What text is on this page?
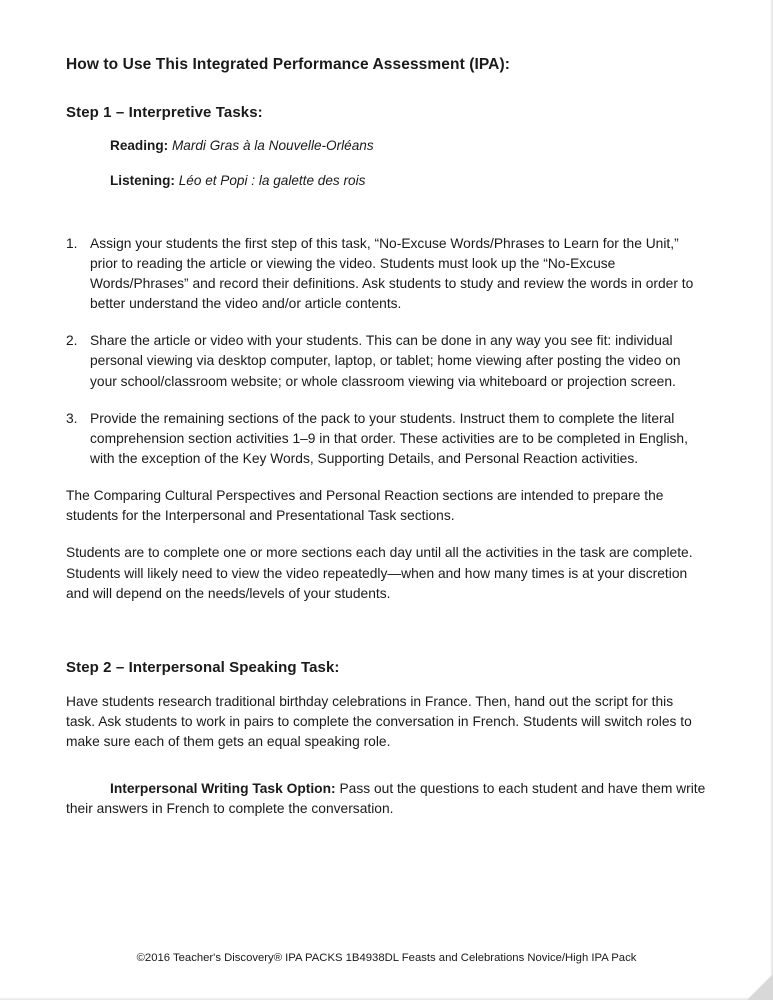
How to Use This Integrated Performance Assessment (IPA):
Step 1 – Interpretive Tasks:

Reading: Mardi Gras à la Nouvelle-Orléans

Listening: Léo et Popi : la galette des rois

1. Assign your students the first step of this task, “No-Excuse Words/Phrases to Learn for the Unit,” prior to reading the article or viewing the video. Students must look up the “No-Excuse Words/Phrases” and record their definitions. Ask students to study and review the words in order to better understand the video and/or article contents.
2. Share the article or video with your students. This can be done in any way you see fit: individual personal viewing via desktop computer, laptop, or tablet; home viewing after posting the video on your school/classroom website; or whole classroom viewing via whiteboard or projection screen.
3. Provide the remaining sections of the pack to your students. Instruct them to complete the literal comprehension section activities 1–9 in that order. These activities are to be completed in English, with the exception of the Key Words, Supporting Details, and Personal Reaction activities.

The Comparing Cultural Perspectives and Personal Reaction sections are intended to prepare the students for the Interpersonal and Presentational Task sections.

Students are to complete one or more sections each day until all the activities in the task are complete. Students will likely need to view the video repeatedly—when and how many times is at your discretion and will depend on the needs/levels of your students.

Step 2 – Interpersonal Speaking Task:

Have students research traditional birthday celebrations in France. Then, hand out the script for this task. Ask students to work in pairs to complete the conversation in French. Students will switch roles to make sure each of them gets an equal speaking role.

Interpersonal Writing Task Option: Pass out the questions to each student and have them write their answers in French to complete the conversation.

©2016 Teacher's Discovery® IPA PACKS 1B4938DL Feasts and Celebrations Novice/High IPA Pack
